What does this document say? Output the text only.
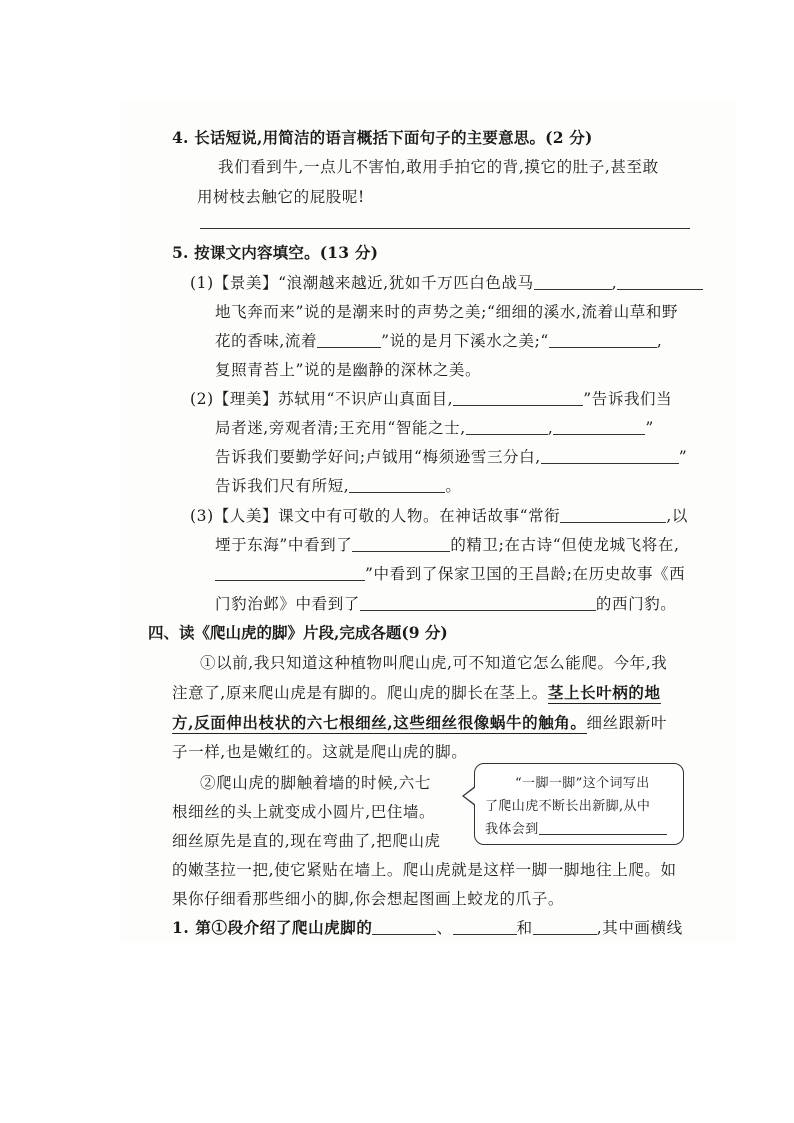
4. 长话短说,用简洁的语言概括下面句子的主要意思。(2 分)
我们看到牛,一点儿不害怕,敢用手拍它的背,摸它的肚子,甚至敢
用树枝去触它的屁股呢!
5. 按课文内容填空。(13 分)
(1)【景美】“浪潮越来越近,犹如千万匹白色战马	,
地飞奔而来”说的是潮来时的声势之美;“细细的溪水,流着山草和野
花的香味,流着	”说的是月下溪水之美;“	,
复照青苔上”说的是幽静的深林之美。
(2)【理美】苏轼用“不识庐山真面目,	”告诉我们当
局者迷,旁观者清;王充用“智能之士,	,	”
告诉我们要勤学好问;卢钺用“梅须逊雪三分白,	”
告诉我们尺有所短,	。
(3)【人美】课文中有可敬的人物。在神话故事“常衔	,以
堙于东海”中看到了	的精卫;在古诗“但使龙城飞将在,
”中看到了保家卫国的王昌龄;在历史故事《西
门豹治邺》中看到了	的西门豹。
四、读《爬山虎的脚》片段,完成各题(9 分)
①以前,我只知道这种植物叫爬山虎,可不知道它怎么能爬。今年,我
注意了,原来爬山虎是有脚的。爬山虎的脚长在茎上。茎上长叶柄的地
方,反面伸出枝状的六七根细丝,这些细丝很像蜗牛的触角。细丝跟新叶
子一样,也是嫩红的。这就是爬山虎的脚。
②爬山虎的脚触着墙的时候,六七
根细丝的头上就变成小圆片,巴住墙。
细丝原先是直的,现在弯曲了,把爬山虎
的嫩茎拉一把,使它紧贴在墙上。爬山虎就是这样一脚一脚地往上爬。如
果你仔细看那些细小的脚,你会想起图画上蛟龙的爪子。
“一脚一脚”这个词写出
了爬山虎不断长出新脚,从中
我体会到
1. 第①段介绍了爬山虎脚的	、	和	,其中画横线
